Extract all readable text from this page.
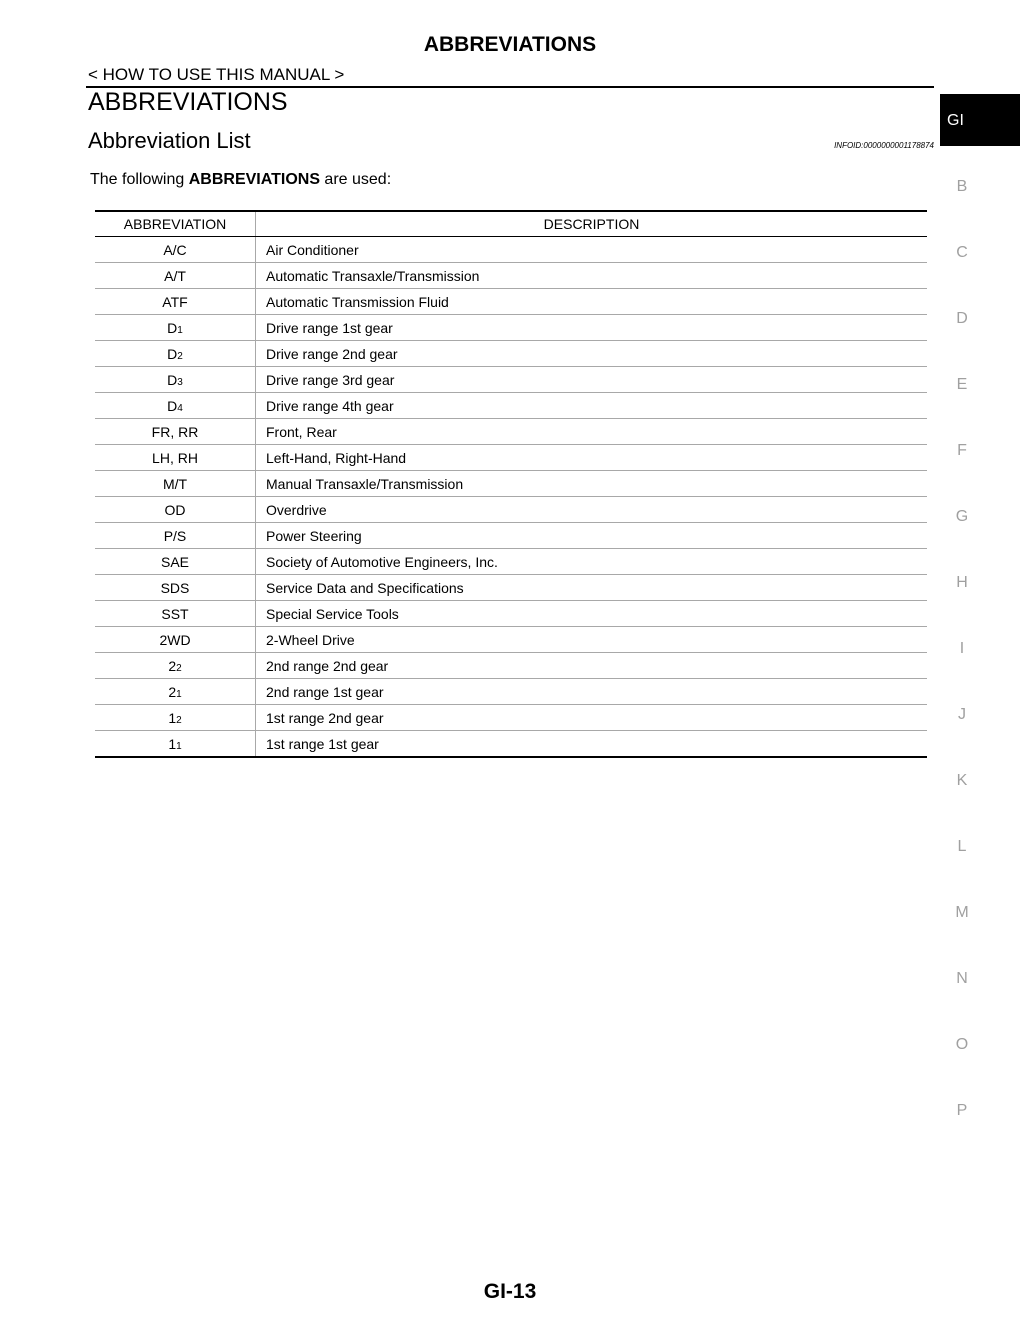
ABBREVIATIONS
< HOW TO USE THIS MANUAL >
ABBREVIATIONS
Abbreviation List	INFOID:0000000001178874
The following ABBREVIATIONS are used:
ABBREVIATION	DESCRIPTION
A/C	Air Conditioner
A/T	Automatic Transaxle/Transmission
ATF	Automatic Transmission Fluid
D1	Drive range 1st gear
D2	Drive range 2nd gear
D3	Drive range 3rd gear
D4	Drive range 4th gear
FR, RR	Front, Rear
LH, RH	Left-Hand, Right-Hand
M/T	Manual Transaxle/Transmission
OD	Overdrive
P/S	Power Steering
SAE	Society of Automotive Engineers, Inc.
SDS	Service Data and Specifications
SST	Special Service Tools
2WD	2-Wheel Drive
22	2nd range 2nd gear
21	2nd range 1st gear
12	1st range 2nd gear
11	1st range 1st gear
GI
B
C
D
E
F
G
H
I
J
K
L
M
N
O
P
GI-13
